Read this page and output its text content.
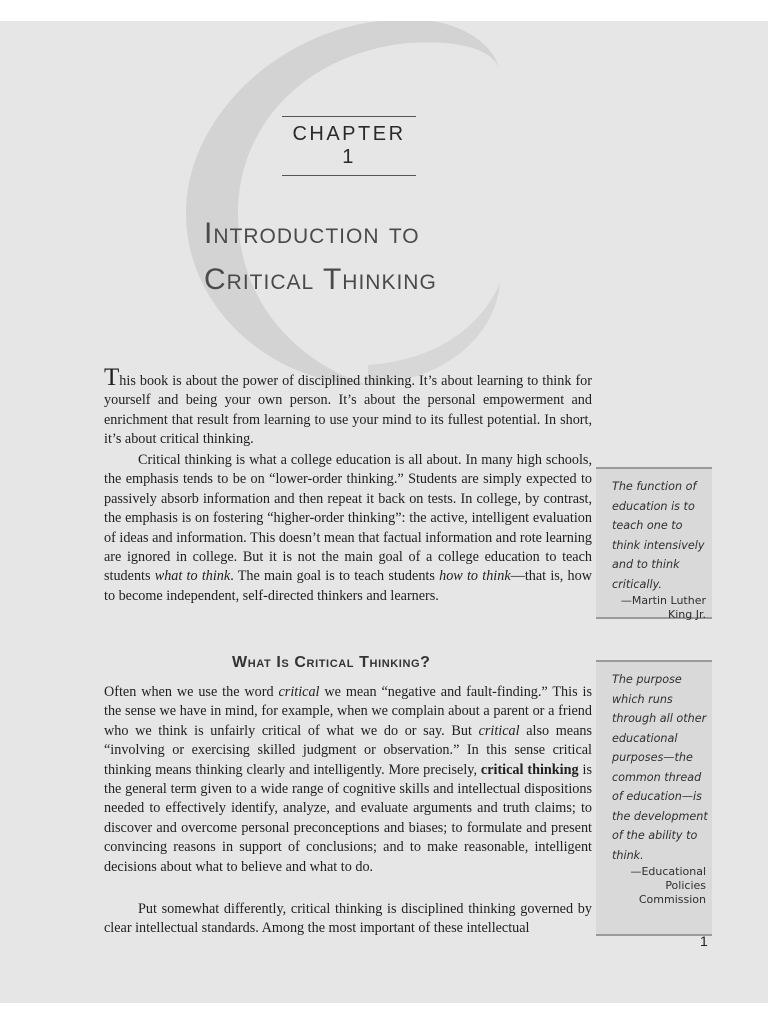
CHAPTER 1
Introduction to
Critical Thinking

This book is about the power of disciplined thinking. It’s about learning to think for yourself and being your own person. It’s about the personal empowerment and enrichment that result from learning to use your mind to its fullest potential. In short, it’s about critical thinking.

Critical thinking is what a college education is all about. In many high schools, the emphasis tends to be on “lower-order thinking.” Students are simply expected to passively absorb information and then repeat it back on tests. In college, by contrast, the emphasis is on fostering “higher-order thinking”: the active, intelligent evaluation of ideas and information. This doesn’t mean that factual information and rote learning are ignored in college. But it is not the main goal of a college education to teach students what to think. The main goal is to teach students how to think—that is, how to become independent, self-directed thinkers and learners.

What Is Critical Thinking?

Often when we use the word critical we mean “negative and fault-finding.” This is the sense we have in mind, for example, when we complain about a parent or a friend who we think is unfairly critical of what we do or say. But critical also means “involving or exercising skilled judgment or observation.” In this sense critical thinking means thinking clearly and intelligently. More precisely, critical thinking is the general term given to a wide range of cognitive skills and intellectual dispositions needed to effectively identify, analyze, and evaluate arguments and truth claims; to discover and overcome personal preconceptions and biases; to formulate and present convincing reasons in support of conclusions; and to make reasonable, intelligent decisions about what to believe and what to do.

Put somewhat differently, critical thinking is disciplined thinking governed by clear intellectual standards. Among the most important of these intellectual

The function of education is to teach one to think intensively and to think critically.
—Martin Luther
King Jr.
The purpose which runs through all other educational purposes—the common thread of education—is the development of the ability to think.
—Educational
Policies
Commission
1
